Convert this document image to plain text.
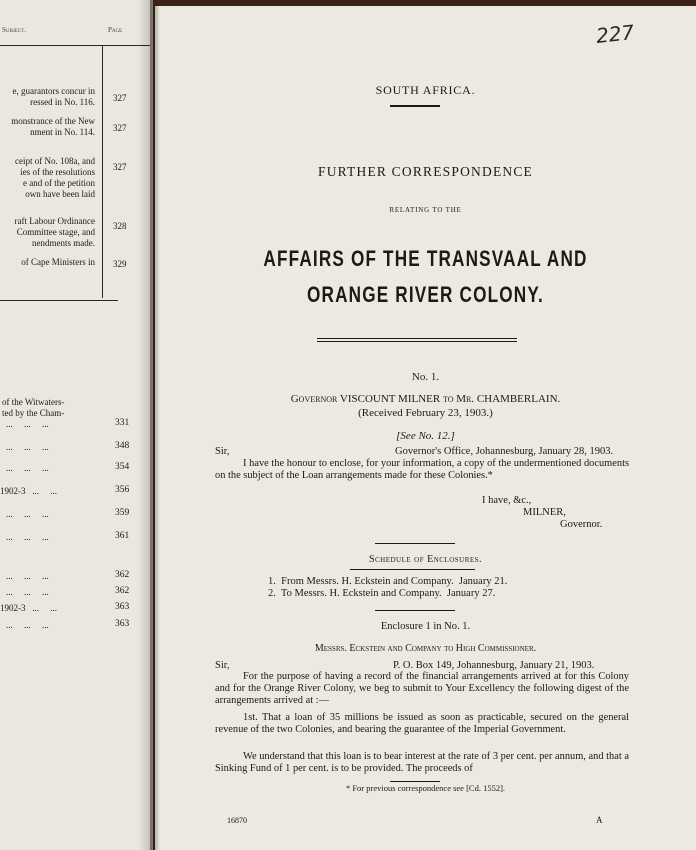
Subject.	Page
e, guarantors concur in
ressed in No. 116. 327
monstrance of the New
nment in No. 114. 327
ceipt of No. 108a, and
ies of the resolutions
e and of the petition
own have been laid
327
raft Labour Ordinance
Committee stage, and
nendments made.
328
of Cape Ministers in 329
of the Witwaters-
ted by the Cham-
...     ...     ...	331
...     ...     ...	348
...     ...     ...	354
1902-3   ...     ...	356
...     ...     ...	359
...     ...     ...	361
...     ...     ...	362
...     ...     ...	362
1902-3   ...     ...	363
...     ...     ...	363
227
SOUTH AFRICA.
FURTHER CORRESPONDENCE
RELATING TO THE
AFFAIRS OF THE TRANSVAAL AND
ORANGE RIVER COLONY.
No. 1.
Governor VISCOUNT MILNER to Mr. CHAMBERLAIN.
(Received February 23, 1903.)
[See No. 12.]
Sir,	Governor's Office, Johannesburg, January 28, 1903.
I have the honour to enclose, for your information, a copy of the undermentioned documents on the subject of the Loan arrangements made for these Colonies.*
I have, &c.,
MILNER,
Governor.
Schedule of Enclosures.
1.  From Messrs. H. Eckstein and Company.  January 21.
2.  To Messrs. H. Eckstein and Company.  January 27.
Enclosure 1 in No. 1.
Messrs. Eckstein and Company to High Commissioner.
Sir,	P. O. Box 149, Johannesburg, January 21, 1903.
For the purpose of having a record of the financial arrangements arrived at for this Colony and for the Orange River Colony, we beg to submit to Your Excellency the following digest of the arrangements arrived at :—
1st. That a loan of 35 millions be issued as soon as practicable, secured on the general revenue of the two Colonies, and bearing the guarantee of the Imperial Government.
We understand that this loan is to bear interest at the rate of 3 per cent. per annum, and that a Sinking Fund of 1 per cent. is to be provided. The proceeds of
* For previous correspondence see [Cd. 1552].
16870	A
